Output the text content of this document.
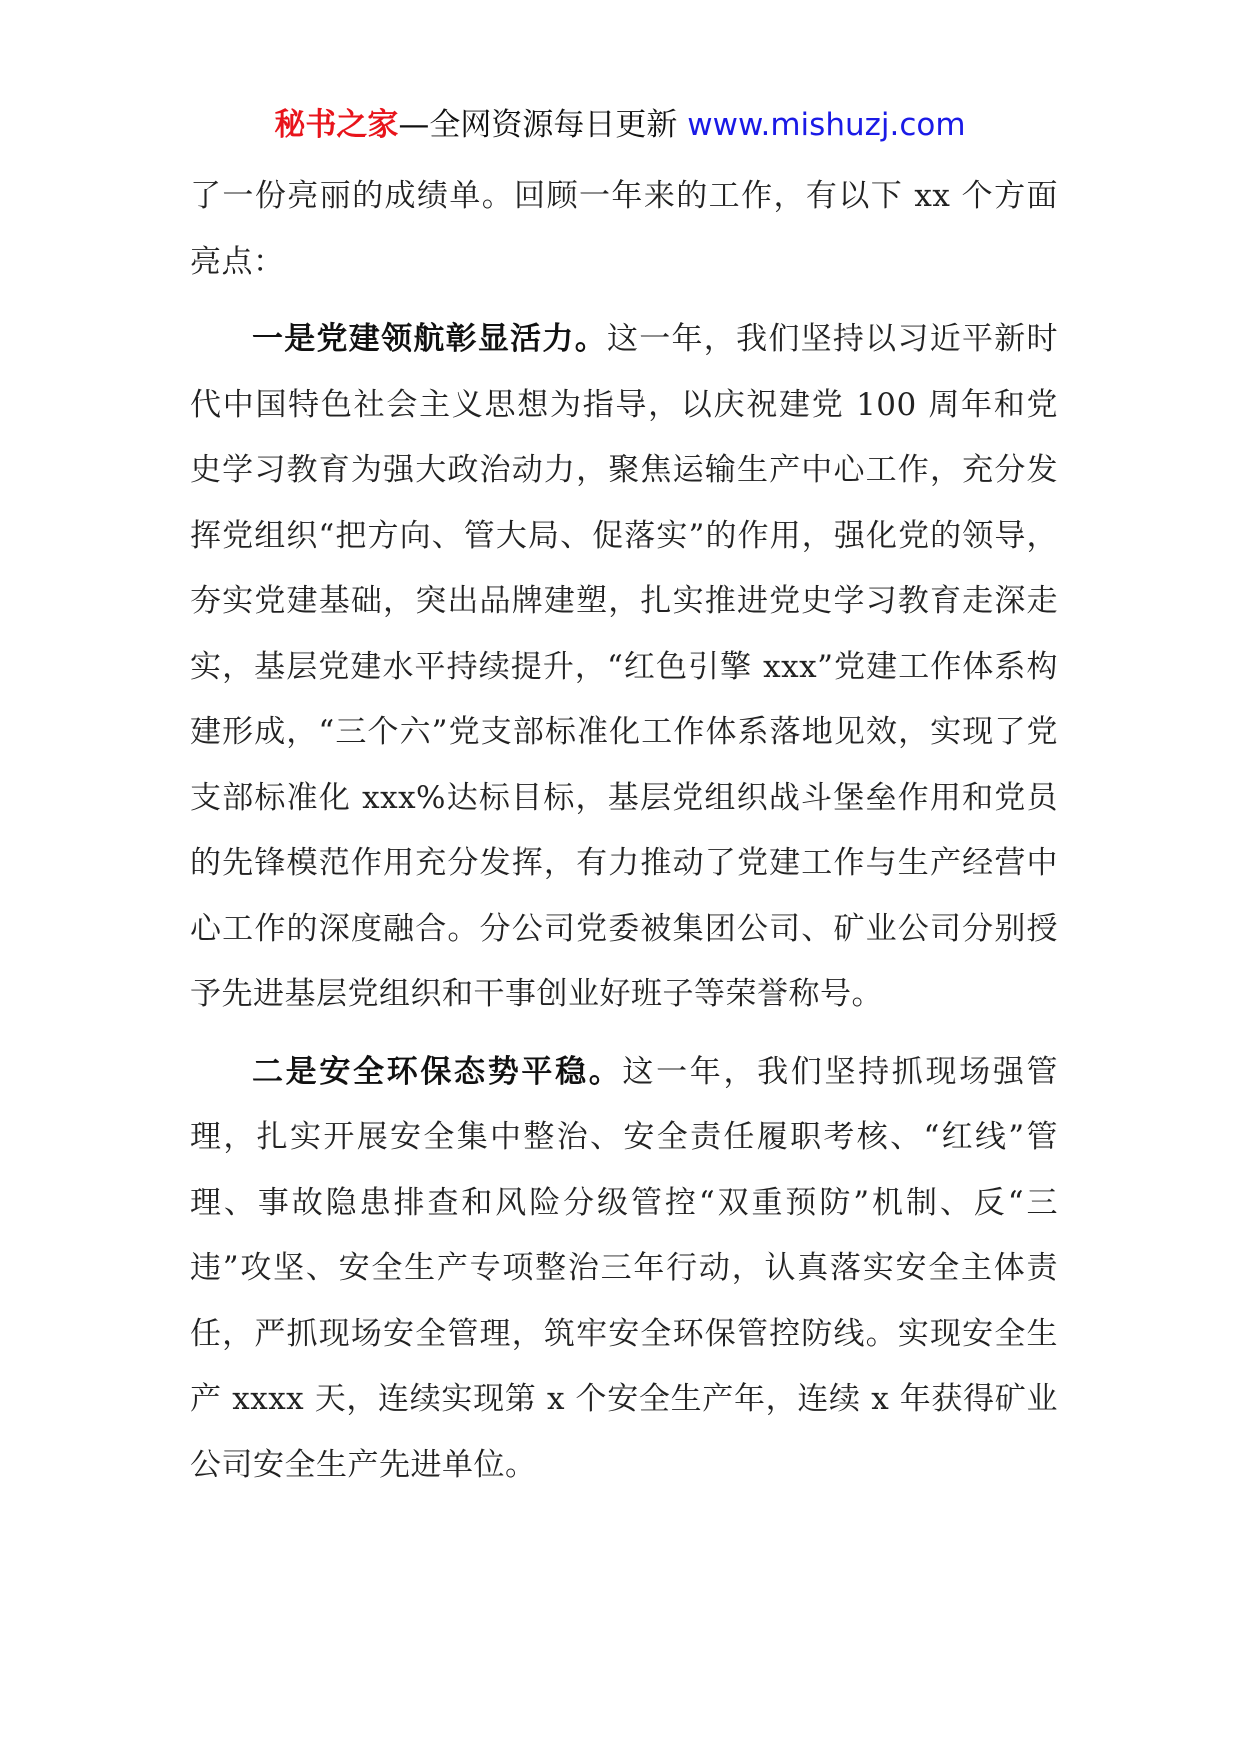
秘书之家—全网资源每日更新 www.mishuzj.com

了一份亮丽的成绩单。回顾一年来的工作，有以下 xx 个方面亮点：

一是党建领航彰显活力。这一年，我们坚持以习近平新时代中国特色社会主义思想为指导，以庆祝建党 100 周年和党史学习教育为强大政治动力，聚焦运输生产中心工作，充分发挥党组织“把方向、管大局、促落实”的作用，强化党的领导，夯实党建基础，突出品牌建塑，扎实推进党史学习教育走深走实，基层党建水平持续提升，“红色引擎 xxx”党建工作体系构建形成，“三个六”党支部标准化工作体系落地见效，实现了党支部标准化 xxx%达标目标，基层党组织战斗堡垒作用和党员的先锋模范作用充分发挥，有力推动了党建工作与生产经营中心工作的深度融合。分公司党委被集团公司、矿业公司分别授予先进基层党组织和干事创业好班子等荣誉称号。

二是安全环保态势平稳。这一年，我们坚持抓现场强管理，扎实开展安全集中整治、安全责任履职考核、“红线”管理、事故隐患排查和风险分级管控“双重预防”机制、反“三违”攻坚、安全生产专项整治三年行动，认真落实安全主体责任，严抓现场安全管理，筑牢安全环保管控防线。实现安全生产 xxxx 天，连续实现第 x 个安全生产年，连续 x 年获得矿业公司安全生产先进单位。
